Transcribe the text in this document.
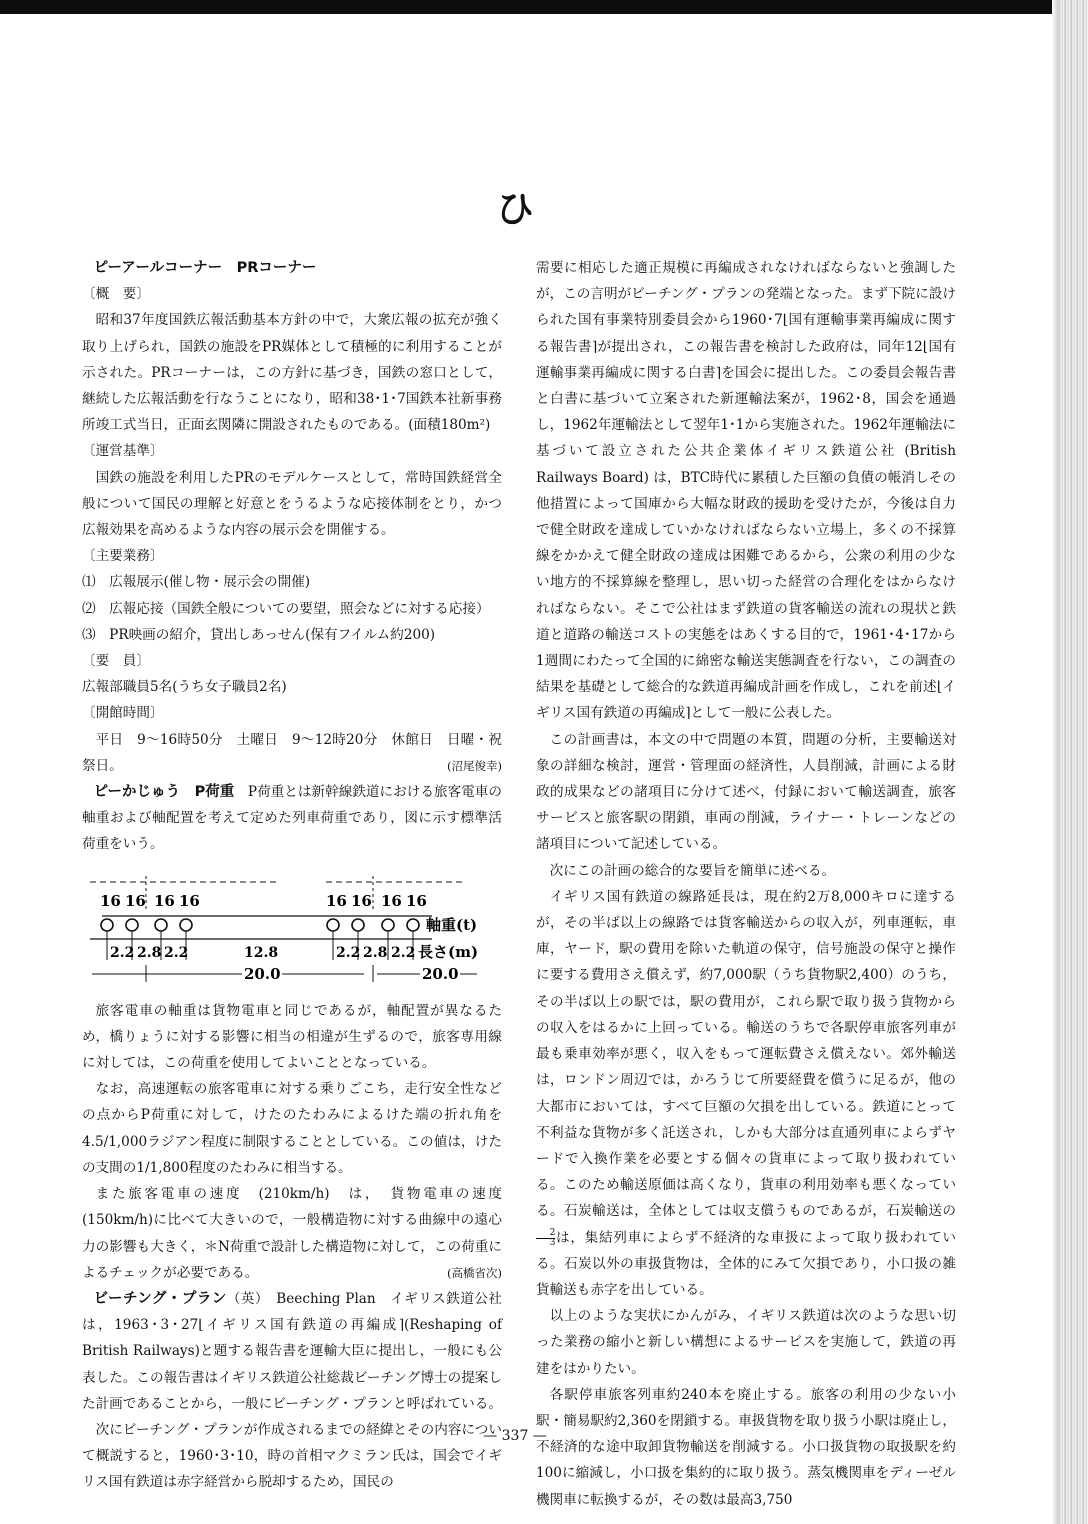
ひ

ピーアールコーナー　PRコーナー

〔概　要〕

昭和37年度国鉄広報活動基本方針の中で，大衆広報の拡充が強く取り上げられ，国鉄の施設をPR媒体として積極的に利用することが示された。PRコーナーは，この方針に基づき，国鉄の窓口として，継続した広報活動を行なうことになり，昭和38･1･7国鉄本社新事務所竣工式当日，正面玄関隣に開設されたものである。(面積180m²)

〔運営基準〕

国鉄の施設を利用したPRのモデルケースとして，常時国鉄経営全般について国民の理解と好意とをうるような応接体制をとり，かつ広報効果を高めるような内容の展示会を開催する。

〔主要業務〕

⑴　広報展示(催し物・展示会の開催)

⑵　広報応接（国鉄全般についての要望，照会などに対する応接）

⑶　PR映画の紹介，貸出しあっせん(保有フイルム約200)

〔要　員〕

広報部職員5名(うち女子職員2名)

〔開館時間〕

平日　9～16時50分　土曜日　9～12時20分　休館日　日曜・祝祭日。	(沼尾俊幸)

ピーかじゅう　P荷重　 P荷重とは新幹線鉄道における旅客電車の軸重および軸配置を考えて定めた列車荷重であり，図に示す標準活荷重をいう。

16 16 16 16	16 16 16 16
2.2 2.8 2.2	12.8	2.2 2.8 2.2
軸重(t)
長さ(m)
20.0	20.0

旅客電車の軸重は貨物電車と同じであるが，軸配置が異なるため，橋りょうに対する影響に相当の相違が生ずるので，旅客専用線に対しては，この荷重を使用してよいこととなっている。

なお，高速運転の旅客電車に対する乗りごこち，走行安全性などの点からP荷重に対して，けたのたわみによるけた端の折れ角を4.5/1,000ラジアン程度に制限することとしている。この値は，けたの支間の1/1,800程度のたわみに相当する。

また旅客電車の速度　(210km/h)　は，　貨物電車の速度　(150km/h)に比べて大きいので，一般構造物に対する曲線中の遠心力の影響も大きく，＊N荷重で設計した構造物に対して，この荷重によるチェックが必要である。	(高橋省次)

ビーチング・プラン（英）　Beeching Plan　イギリス鉄道公社は，1963･3･27⌊イギリス国有鉄道の再編成⌉(Reshaping of British Railways)と題する報告書を運輸大臣に提出し，一般にも公表した。この報告書はイギリス鉄道公社総裁ビーチング博士の提案した計画であることから，一般にビーチング・プランと呼ばれている。

次にビーチング・プランが作成されるまでの経緯とその内容について概説すると，1960･3･10，時の首相マクミラン氏は，国会でイギリス国有鉄道は赤字経営から脱却するため，国民の

需要に相応した適正規模に再編成されなければならないと強調したが，この言明がビーチング・プランの発端となった。まず下院に設けられた国有事業特別委員会から1960･7⌊国有運輸事業再編成に関する報告書⌉が提出され，この報告書を検討した政府は，同年12⌊国有運輸事業再編成に関する白書⌉を国会に提出した。この委員会報告書と白書に基づいて立案された新運輸法案が，1962･8，国会を通過し，1962年運輸法として翌年1･1から実施された。1962年運輸法に基づいて設立された公共企業体イギリス鉄道公社 (British Railways Board) は，BTC時代に累積した巨額の負債の帳消しその他措置によって国庫から大幅な財政的援助を受けたが，今後は自力で健全財政を達成していかなければならない立場上，多くの不採算線をかかえて健全財政の達成は困難であるから，公衆の利用の少ない地方的不採算線を整理し，思い切った経営の合理化をはからなければならない。そこで公社はまず鉄道の貨客輸送の流れの現状と鉄道と道路の輸送コストの実態をはあくする目的で，1961･4･17から1週間にわたって全国的に綿密な輸送実態調査を行ない，この調査の結果を基礎として総合的な鉄道再編成計画を作成し，これを前述⌊イギリス国有鉄道の再編成⌉として一般に公表した。

この計画書は，本文の中で問題の本質，問題の分析，主要輸送対象の詳細な検討，運営・管理面の経済性，人員削減，計画による財政的成果などの諸項目に分けて述べ，付録において輸送調査，旅客サービスと旅客駅の閉鎖，車両の削減，ライナー・トレーンなどの諸項目について記述している。

次にこの計画の総合的な要旨を簡単に述べる。

イギリス国有鉄道の線路延長は，現在約2万8,000キロに達するが，その半ば以上の線路では貨客輸送からの収入が，列車運転，車庫，ヤード，駅の費用を除いた軌道の保守，信号施設の保守と操作に要する費用さえ償えず，約7,000駅（うち貨物駅2,400）のうち，その半ば以上の駅では，駅の費用が，これら駅で取り扱う貨物からの収入をはるかに上回っている。輸送のうちで各駅停車旅客列車が最も乗車効率が悪く，収入をもって運転費さえ償えない。郊外輸送は，ロンドン周辺では，かろうじて所要経費を償うに足るが，他の大都市においては，すべて巨額の欠損を出している。鉄道にとって不利益な貨物が多く託送され，しかも大部分は直通列車によらずヤードで入換作業を必要とする個々の貨車によって取り扱われている。このため輸送原価は高くなり，貨車の利用効率も悪くなっている。石炭輸送は，全体としては収支償うものであるが，石炭輸送の
$\frac{2}{3}$ は，集結列車によらず不経済的な車扱によって取り扱われている。石炭以外の車扱貨物は，全体的にみて欠損であり，小口扱の雑貨輸送も赤字を出している。

以上のような実状にかんがみ，イギリス鉄道は次のような思い切った業務の縮小と新しい構想によるサービスを実施して，鉄道の再建をはかりたい。

各駅停車旅客列車約240本を廃止する。旅客の利用の少ない小駅・簡易駅約2,360を閉鎖する。車扱貨物を取り扱う小駅は廃止し，不経済的な途中取卸貨物輸送を削減する。小口扱貨物の取扱駅を約100に縮減し，小口扱を集約的に取り扱う。蒸気機関車をディーゼル機関車に転換するが，その数は最高3,750

— 337 —
